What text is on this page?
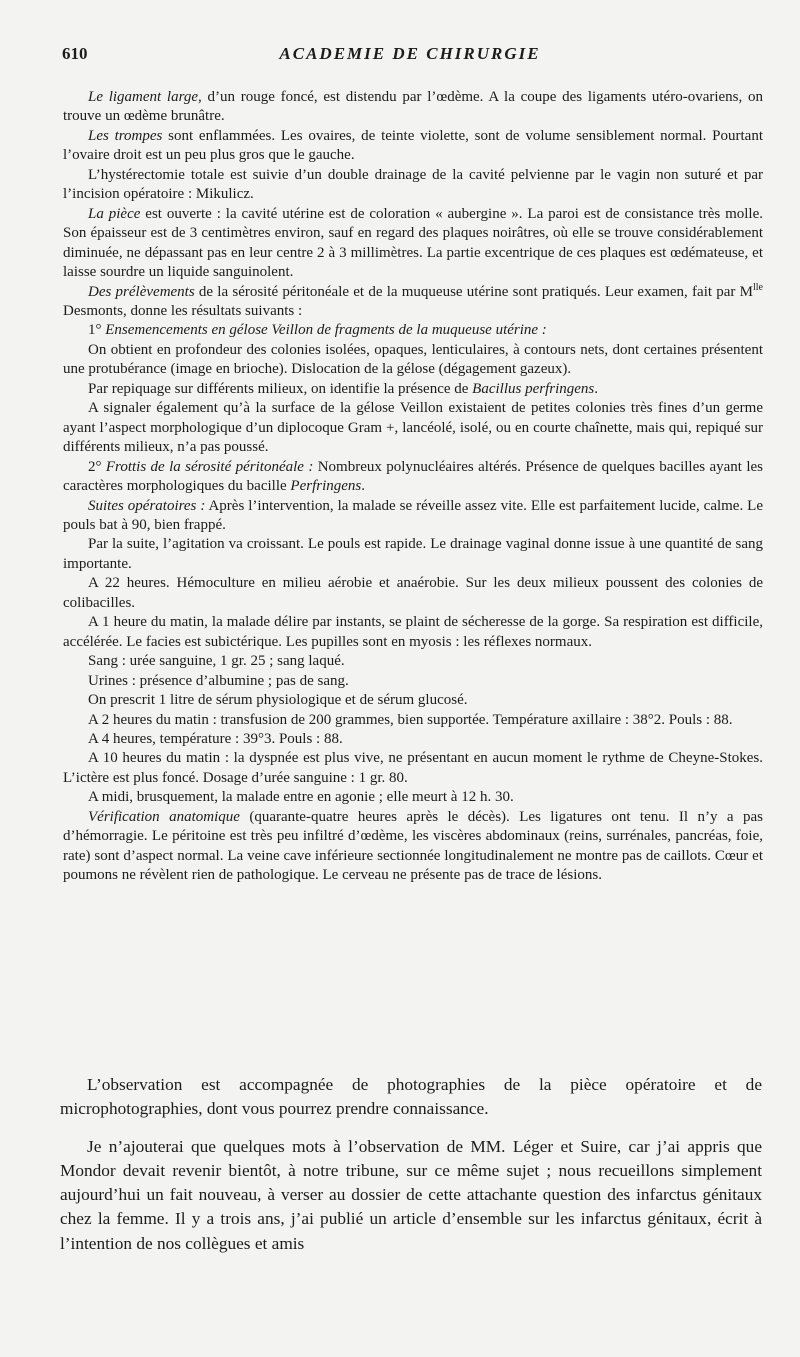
610	ACADEMIE DE CHIRURGIE

Le ligament large, d’un rouge foncé, est distendu par l’œdème. A la coupe des ligaments utéro-ovariens, on trouve un œdème brunâtre.

Les trompes sont enflammées. Les ovaires, de teinte violette, sont de volume sensiblement normal. Pourtant l’ovaire droit est un peu plus gros que le gauche.

L’hystérectomie totale est suivie d’un double drainage de la cavité pelvienne par le vagin non suturé et par l’incision opératoire : Mikulicz.

La pièce est ouverte : la cavité utérine est de coloration « aubergine ». La paroi est de consistance très molle. Son épaisseur est de 3 centimètres environ, sauf en regard des plaques noirâtres, où elle se trouve considérablement diminuée, ne dépassant pas en leur centre 2 à 3 millimètres. La partie excentrique de ces plaques est œdémateuse, et laisse sourdre un liquide sanguinolent.

Des prélèvements de la sérosité péritonéale et de la muqueuse utérine sont pratiqués. Leur examen, fait par $M^{lle}$ Desmonts, donne les résultats suivants :

1° Ensemencements en gélose Veillon de fragments de la muqueuse utérine :

On obtient en profondeur des colonies isolées, opaques, lenticulaires, à contours nets, dont certaines présentent une protubérance (image en brioche). Dislocation de la gélose (dégagement gazeux).

Par repiquage sur différents milieux, on identifie la présence de Bacillus perfringens.

A signaler également qu’à la surface de la gélose Veillon existaient de petites colonies très fines d’un germe ayant l’aspect morphologique d’un diplocoque Gram +, lancéolé, isolé, ou en courte chaînette, mais qui, repiqué sur différents milieux, n’a pas poussé.

2° Frottis de la sérosité péritonéale : Nombreux polynucléaires altérés. Présence de quelques bacilles ayant les caractères morphologiques du bacille Perfringens.

Suites opératoires : Après l’intervention, la malade se réveille assez vite. Elle est parfaitement lucide, calme. Le pouls bat à 90, bien frappé.

Par la suite, l’agitation va croissant. Le pouls est rapide. Le drainage vaginal donne issue à une quantité de sang importante.

A 22 heures. Hémoculture en milieu aérobie et anaérobie. Sur les deux milieux poussent des colonies de colibacilles.

A 1 heure du matin, la malade délire par instants, se plaint de sécheresse de la gorge. Sa respiration est difficile, accélérée. Le facies est subictérique. Les pupilles sont en myosis : les réflexes normaux.

Sang : urée sanguine, 1 gr. 25 ; sang laqué.

Urines : présence d’albumine ; pas de sang.

On prescrit 1 litre de sérum physiologique et de sérum glucosé.

A 2 heures du matin : transfusion de 200 grammes, bien supportée. Température axillaire : 38°2. Pouls : 88.

A 4 heures, température : 39°3. Pouls : 88.

A 10 heures du matin : la dyspnée est plus vive, ne présentant en aucun moment le rythme de Cheyne-Stokes. L’ictère est plus foncé. Dosage d’urée sanguine : 1 gr. 80.

A midi, brusquement, la malade entre en agonie ; elle meurt à 12 h. 30.

Vérification anatomique (quarante-quatre heures après le décès). Les ligatures ont tenu. Il n’y a pas d’hémorragie. Le péritoine est très peu infiltré d’œdème, les viscères abdominaux (reins, surrénales, pancréas, foie, rate) sont d’aspect normal. La veine cave inférieure sectionnée longitudinalement ne montre pas de caillots. Cœur et poumons ne révèlent rien de pathologique. Le cerveau ne présente pas de trace de lésions.

L’observation est accompagnée de photographies de la pièce opératoire et de microphotographies, dont vous pourrez prendre connaissance.

Je n’ajouterai que quelques mots à l’observation de MM. Léger et Suire, car j’ai appris que Mondor devait revenir bientôt, à notre tribune, sur ce même sujet ; nous recueillons simplement aujourd’hui un fait nouveau, à verser au dossier de cette attachante question des infarctus génitaux chez la femme. Il y a trois ans, j’ai publié un article d’ensemble sur les infarctus génitaux, écrit à l’intention de nos collègues et amis
